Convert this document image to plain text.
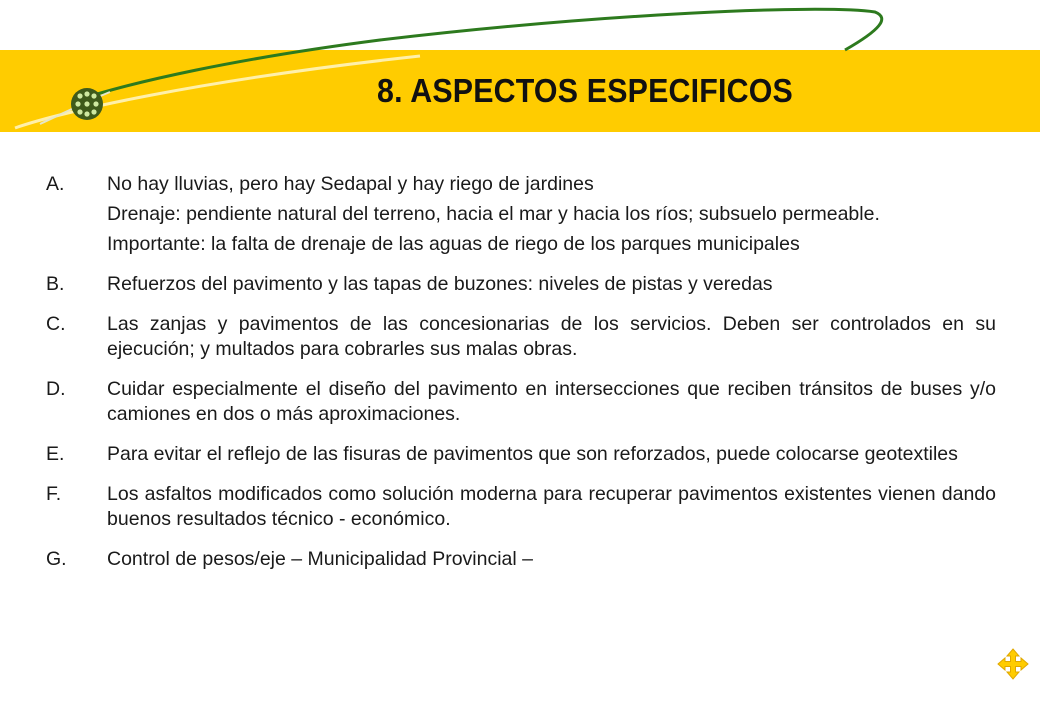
8. ASPECTOS ESPECIFICOS
A. No hay lluvias, pero hay Sedapal y hay riego de jardines
Drenaje: pendiente natural del terreno, hacia el mar y hacia los ríos; subsuelo permeable.
Importante: la falta de drenaje de las aguas de riego de los parques municipales
B. Refuerzos del pavimento y las tapas de buzones: niveles de pistas y veredas
C. Las zanjas y pavimentos de las concesionarias de los servicios. Deben ser controlados en su ejecución; y multados para cobrarles sus malas obras.
D. Cuidar especialmente el diseño del pavimento en intersecciones que reciben tránsitos de buses y/o camiones en dos o más aproximaciones.
E. Para evitar el reflejo de las fisuras de pavimentos que son reforzados, puede colocarse geotextiles
F. Los asfaltos modificados como solución moderna para recuperar pavimentos existentes vienen dando buenos resultados técnico - económico.
G. Control de pesos/eje – Municipalidad Provincial –
